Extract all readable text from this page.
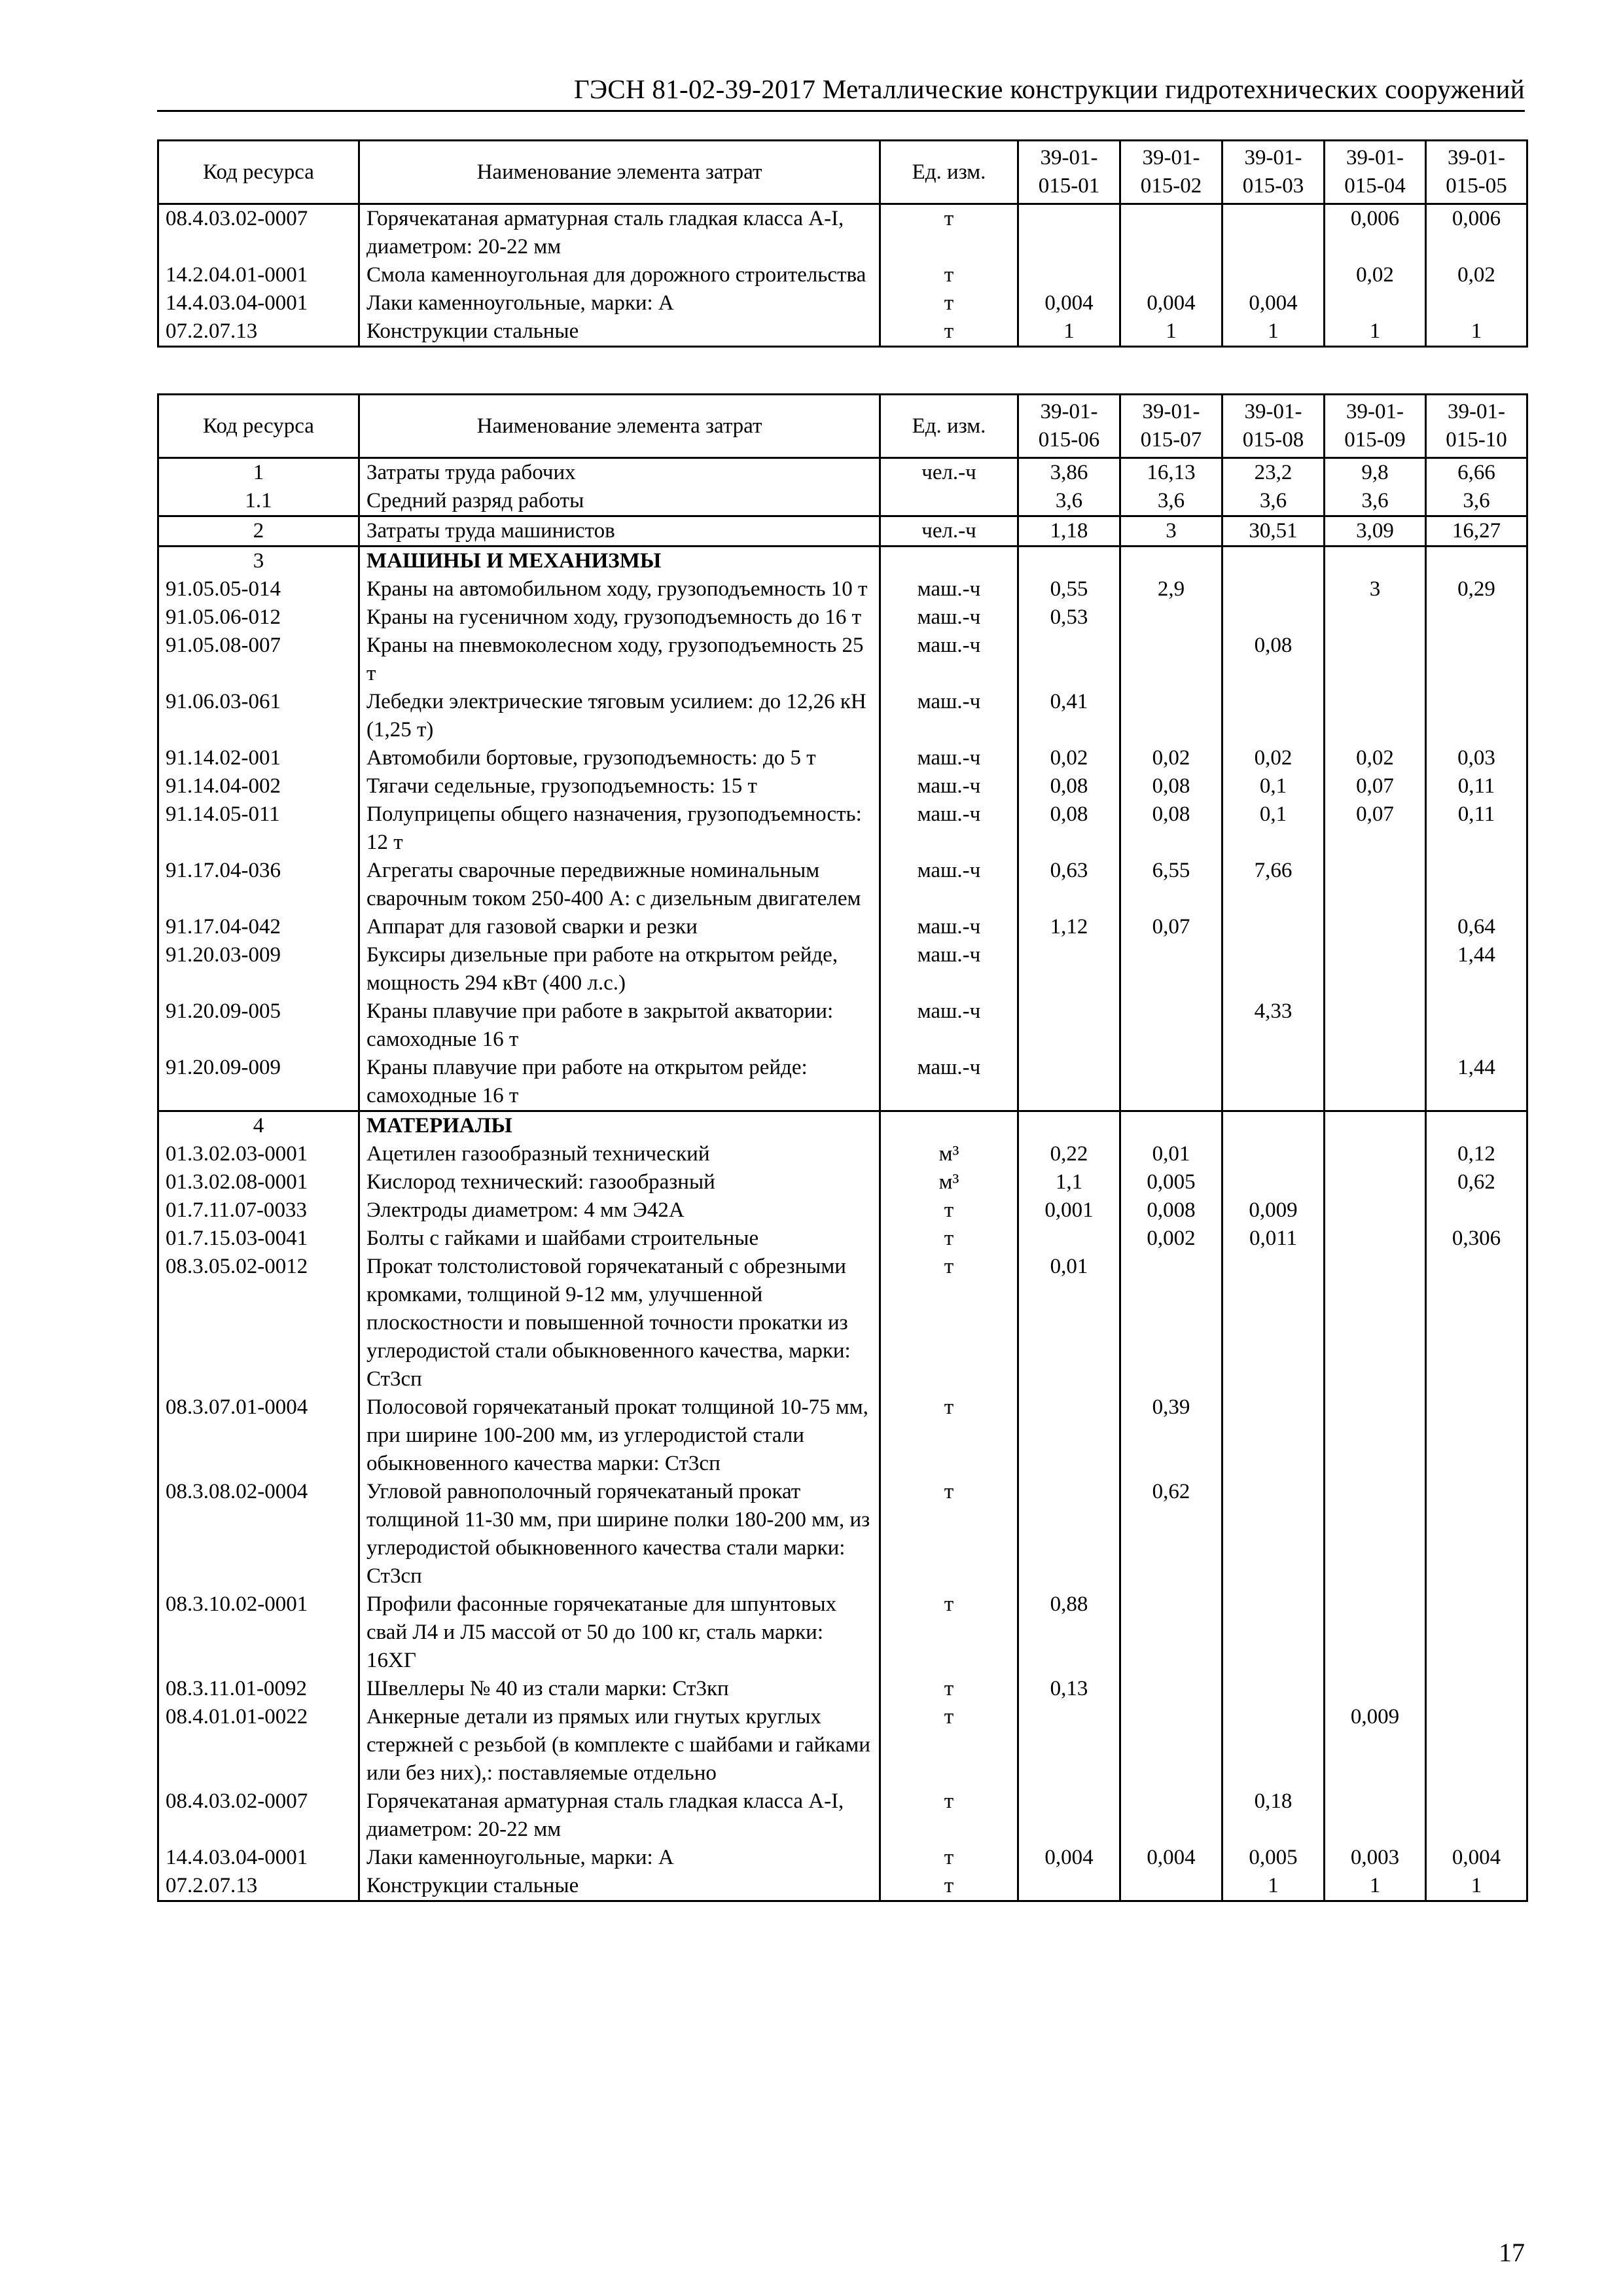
ГЭСН 81-02-39-2017 Металлические конструкции гидротехнических сооружений
Код ресурса	Наименование элемента затрат	Ед. изм.	39-01-015-01	39-01-015-02	39-01-015-03	39-01-015-04	39-01-015-05
08.4.03.02-0007	Горячекатаная арматурная сталь гладкая класса А-I, диаметром: 20-22 мм	т				0,006	0,006
14.2.04.01-0001	Смола каменноугольная для дорожного строительства	т				0,02	0,02
14.4.03.04-0001	Лаки каменноугольные, марки: А	т	0,004	0,004	0,004		
07.2.07.13	Конструкции стальные	т	1	1	1	1	1
Код ресурса	Наименование элемента затрат	Ед. изм.	39-01-015-06	39-01-015-07	39-01-015-08	39-01-015-09	39-01-015-10
1	Затраты труда рабочих	чел.-ч	3,86	16,13	23,2	9,8	6,66
1.1	Средний разряд работы		3,6	3,6	3,6	3,6	3,6
2	Затраты труда машинистов	чел.-ч	1,18	3	30,51	3,09	16,27
3	МАШИНЫ И МЕХАНИЗМЫ						
91.05.05-014	Краны на автомобильном ходу, грузоподъемность 10 т	маш.-ч	0,55	2,9		3	0,29
91.05.06-012	Краны на гусеничном ходу, грузоподъемность до 16 т	маш.-ч	0,53				
91.05.08-007	Краны на пневмоколесном ходу, грузоподъемность 25 т	маш.-ч			0,08		
91.06.03-061	Лебедки электрические тяговым усилием: до 12,26 кН (1,25 т)	маш.-ч	0,41				
91.14.02-001	Автомобили бортовые, грузоподъемность: до 5 т	маш.-ч	0,02	0,02	0,02	0,02	0,03
91.14.04-002	Тягачи седельные, грузоподъемность: 15 т	маш.-ч	0,08	0,08	0,1	0,07	0,11
91.14.05-011	Полуприцепы общего назначения, грузоподъемность: 12 т	маш.-ч	0,08	0,08	0,1	0,07	0,11
91.17.04-036	Агрегаты сварочные передвижные номинальным сварочным током 250-400 А: с дизельным двигателем	маш.-ч	0,63	6,55	7,66		
91.17.04-042	Аппарат для газовой сварки и резки	маш.-ч	1,12	0,07			0,64
91.20.03-009	Буксиры дизельные при работе на открытом рейде, мощность 294 кВт (400 л.с.)	маш.-ч					1,44
91.20.09-005	Краны плавучие при работе в закрытой акватории: самоходные 16 т	маш.-ч			4,33		
91.20.09-009	Краны плавучие при работе на открытом рейде: самоходные 16 т	маш.-ч					1,44
4	МАТЕРИАЛЫ						
01.3.02.03-0001	Ацетилен газообразный технический	м³	0,22	0,01			0,12
01.3.02.08-0001	Кислород технический: газообразный	м³	1,1	0,005			0,62
01.7.11.07-0033	Электроды диаметром: 4 мм Э42А	т	0,001	0,008	0,009		
01.7.15.03-0041	Болты с гайками и шайбами строительные	т		0,002	0,011		0,306
08.3.05.02-0012	Прокат толстолистовой горячекатаный с обрезными кромками, толщиной 9-12 мм, улучшенной плоскостности и повышенной точности прокатки из углеродистой стали обыкновенного качества, марки: Ст3сп	т	0,01				
08.3.07.01-0004	Полосовой горячекатаный прокат толщиной 10-75 мм, при ширине 100-200 мм, из углеродистой стали обыкновенного качества марки: Ст3сп	т		0,39			
08.3.08.02-0004	Угловой равнополочный горячекатаный прокат толщиной 11-30 мм, при ширине полки 180-200 мм, из углеродистой обыкновенного качества стали марки: Ст3сп	т		0,62			
08.3.10.02-0001	Профили фасонные горячекатаные для шпунтовых свай Л4 и Л5 массой от 50 до 100 кг, сталь марки: 16ХГ	т	0,88				
08.3.11.01-0092	Швеллеры № 40 из стали марки: Ст3кп	т	0,13				
08.4.01.01-0022	Анкерные детали из прямых или гнутых круглых стержней с резьбой (в комплекте с шайбами и гайками или без них),: поставляемые отдельно	т				0,009	
08.4.03.02-0007	Горячекатаная арматурная сталь гладкая класса А-I, диаметром: 20-22 мм	т			0,18		
14.4.03.04-0001	Лаки каменноугольные, марки: А	т	0,004	0,004	0,005	0,003	0,004
07.2.07.13	Конструкции стальные	т			1	1	1
17
